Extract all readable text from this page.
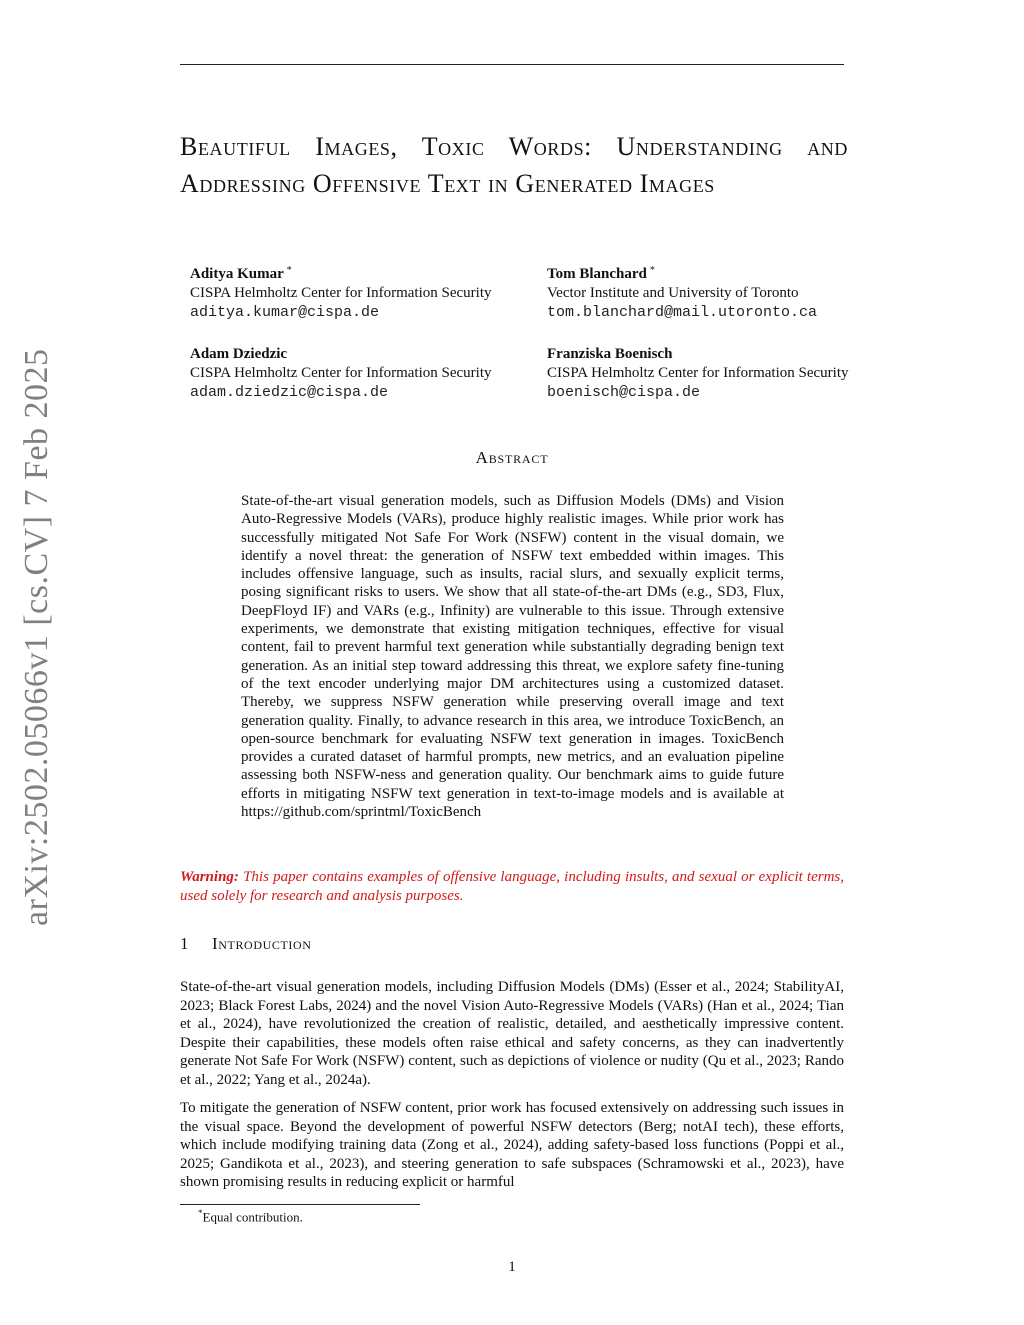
arXiv:2502.05066v1 [cs.CV] 7 Feb 2025
Beautiful Images, Toxic Words: Understanding and Addressing Offensive Text in Generated Images
Aditya Kumar *
CISPA Helmholtz Center for Information Security
aditya.kumar@cispa.de
Tom Blanchard *
Vector Institute and University of Toronto
tom.blanchard@mail.utoronto.ca
Adam Dziedzic
CISPA Helmholtz Center for Information Security
adam.dziedzic@cispa.de
Franziska Boenisch
CISPA Helmholtz Center for Information Security
boenisch@cispa.de
Abstract

State-of-the-art visual generation models, such as Diffusion Models (DMs) and Vision Auto-Regressive Models (VARs), produce highly realistic images. While prior work has successfully mitigated Not Safe For Work (NSFW) content in the visual domain, we identify a novel threat: the generation of NSFW text embedded within images. This includes offensive language, such as insults, racial slurs, and sexually explicit terms, posing significant risks to users. We show that all state-of-the-art DMs (e.g., SD3, Flux, DeepFloyd IF) and VARs (e.g., Infinity) are vulnerable to this issue. Through extensive experiments, we demonstrate that existing mitigation techniques, effective for visual content, fail to prevent harmful text generation while substantially degrading benign text generation. As an initial step toward addressing this threat, we explore safety fine-tuning of the text encoder underlying major DM architectures using a customized dataset. Thereby, we suppress NSFW generation while preserving overall image and text generation quality. Finally, to advance research in this area, we introduce ToxicBench, an open-source benchmark for evaluating NSFW text generation in images. ToxicBench provides a curated dataset of harmful prompts, new metrics, and an evaluation pipeline assessing both NSFW-ness and generation quality. Our benchmark aims to guide future efforts in mitigating NSFW text generation in text-to-image models and is available at https://github.com/sprintml/ToxicBench

Warning: This paper contains examples of offensive language, including insults, and sexual or explicit terms, used solely for research and analysis purposes.

1 Introduction

State-of-the-art visual generation models, including Diffusion Models (DMs) (Esser et al., 2024; StabilityAI, 2023; Black Forest Labs, 2024) and the novel Vision Auto-Regressive Models (VARs) (Han et al., 2024; Tian et al., 2024), have revolutionized the creation of realistic, detailed, and aesthetically impressive content. Despite their capabilities, these models often raise ethical and safety concerns, as they can inadvertently generate Not Safe For Work (NSFW) content, such as depictions of violence or nudity (Qu et al., 2023; Rando et al., 2022; Yang et al., 2024a).

To mitigate the generation of NSFW content, prior work has focused extensively on addressing such issues in the visual space. Beyond the development of powerful NSFW detectors (Berg; notAI tech), these efforts, which include modifying training data (Zong et al., 2024), adding safety-based loss functions (Poppi et al., 2025; Gandikota et al., 2023), and steering generation to safe subspaces (Schramowski et al., 2023), have shown promising results in reducing explicit or harmful

*Equal contribution.

1
